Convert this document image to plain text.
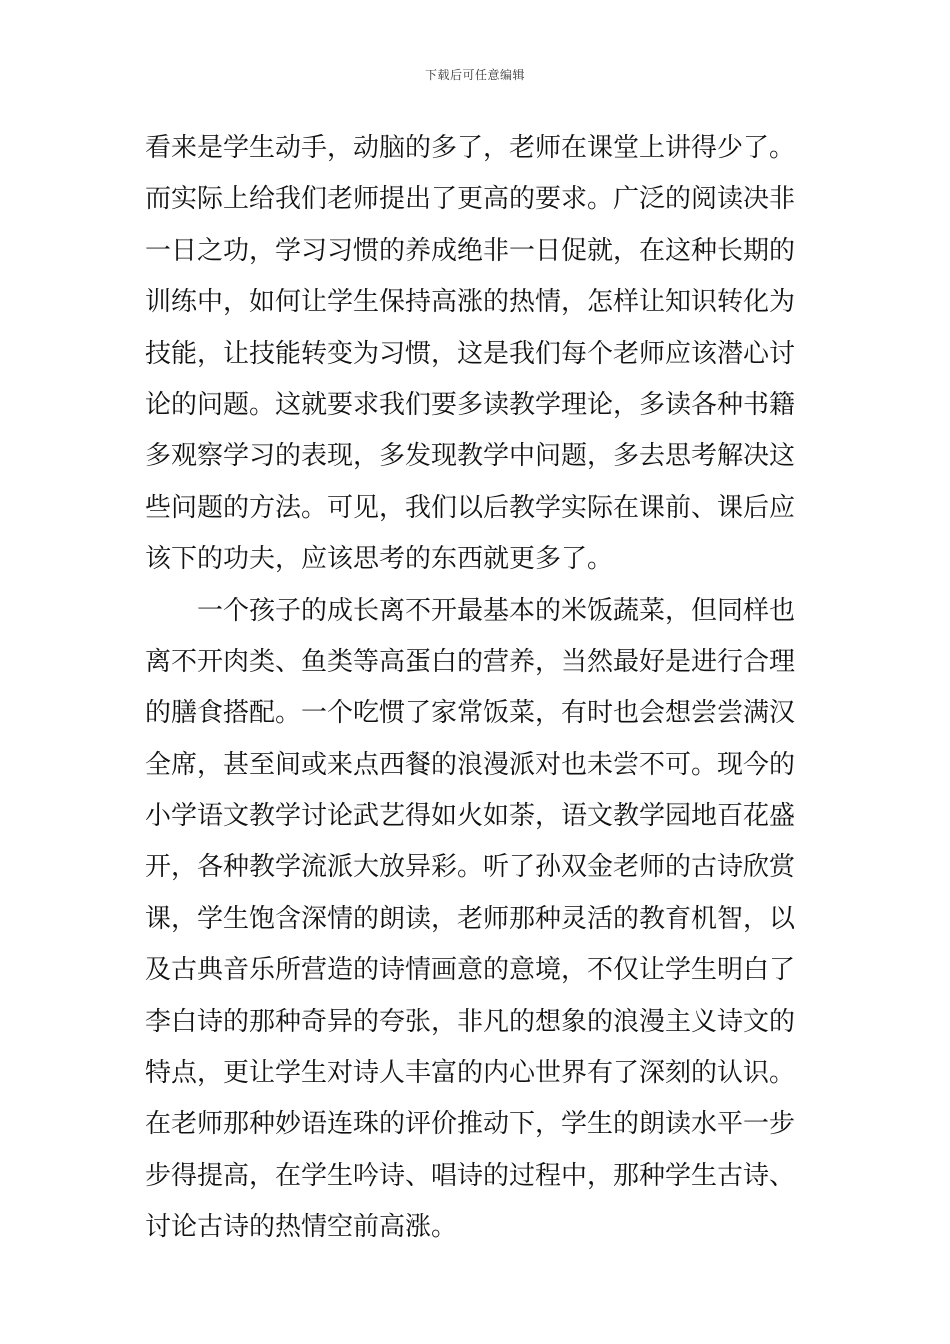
下载后可任意编辑
看来是学生动手，动脑的多了，老师在课堂上讲得少了。
而实际上给我们老师提出了更高的要求。广泛的阅读决非
一日之功，学习习惯的养成绝非一日促就，在这种长期的
训练中，如何让学生保持高涨的热情，怎样让知识转化为
技能，让技能转变为习惯，这是我们每个老师应该潜心讨
论的问题。这就要求我们要多读教学理论，多读各种书籍
多观察学习的表现，多发现教学中问题，多去思考解决这
些问题的方法。可见，我们以后教学实际在课前、课后应
该下的功夫，应该思考的东西就更多了。
一个孩子的成长离不开最基本的米饭蔬菜，但同样也
离不开肉类、鱼类等高蛋白的营养，当然最好是进行合理
的膳食搭配。一个吃惯了家常饭菜，有时也会想尝尝满汉
全席，甚至间或来点西餐的浪漫派对也未尝不可。现今的
小学语文教学讨论武艺得如火如荼，语文教学园地百花盛
开，各种教学流派大放异彩。听了孙双金老师的古诗欣赏
课，学生饱含深情的朗读，老师那种灵活的教育机智，以
及古典音乐所营造的诗情画意的意境，不仅让学生明白了
李白诗的那种奇异的夸张，非凡的想象的浪漫主义诗文的
特点，更让学生对诗人丰富的内心世界有了深刻的认识。
在老师那种妙语连珠的评价推动下，学生的朗读水平一步
步得提高，在学生吟诗、唱诗的过程中，那种学生古诗、
讨论古诗的热情空前高涨。
